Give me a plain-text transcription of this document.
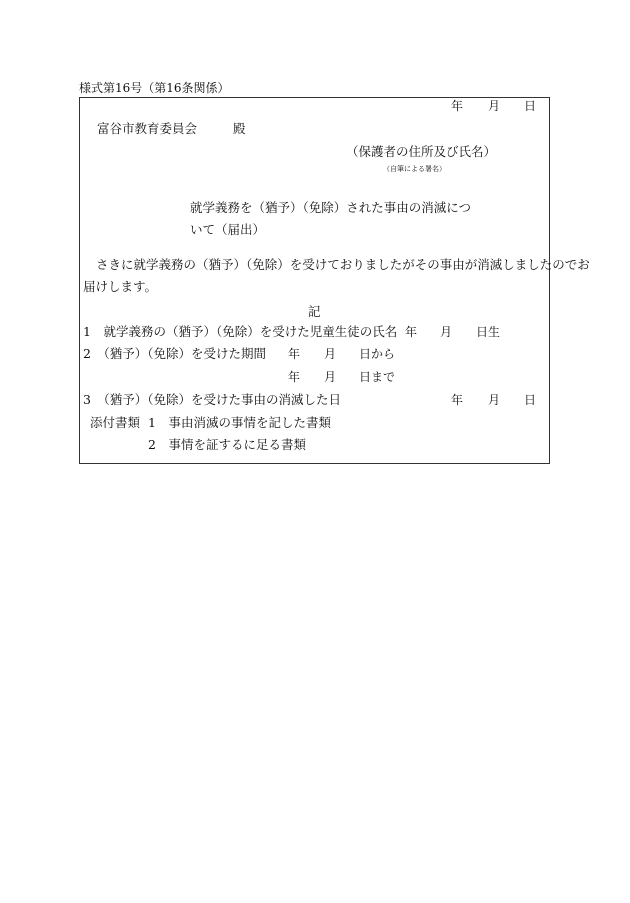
様式第16号（第16条関係）
年 月 日
富谷市教育委員会	殿
（保護者の住所及び氏名）
（自筆による署名）
就学義務を（猶予）（免除）された事由の消滅につ
いて（届出）
さきに就学義務の（猶予）（免除）を受けておりましたがその事由が消滅しましたのでお
届けします。
記
1　就学義務の（猶予）（免除）を受けた児童生徒の氏名 年 月 日生
2　（猶予）（免除）を受けた期間 年 月 日から
年 月 日まで
3　（猶予）（免除）を受けた事由の消滅した日	年 月 日
添付書類 1　事由消滅の事情を記した書類
2　事情を証するに足る書類
